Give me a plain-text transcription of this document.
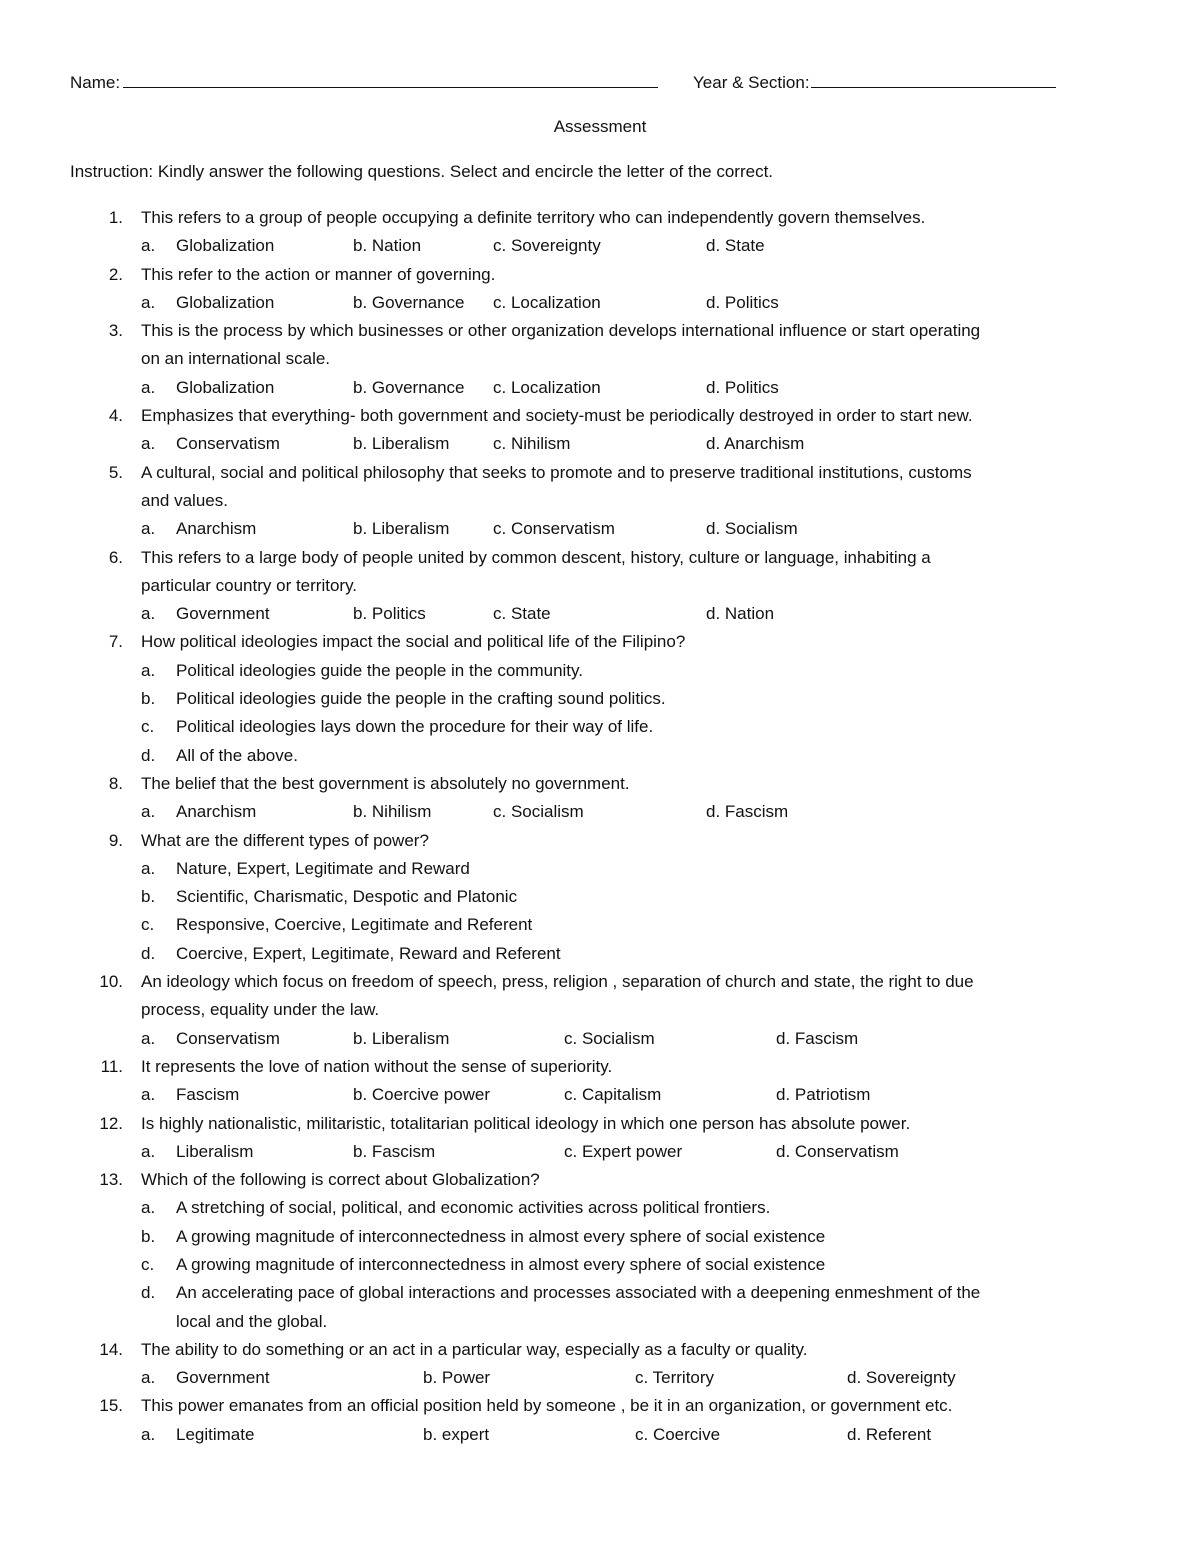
Name:	Year & Section:
Assessment
Instruction: Kindly answer the following questions. Select and encircle the letter of the correct.
1. This refers to a group of people occupying a definite territory who can independently govern themselves.
a. Globalization	b. Nation	c. Sovereignty	d. State
2. This refer to the action or manner of governing.
a. Globalization	b. Governance c. Localization	d. Politics
3. This is the process by which businesses or other organization develops international influence or start operating
on an international scale.
a. Globalization	b. Governance c. Localization	d. Politics
4. Emphasizes that everything- both government and society-must be periodically destroyed in order to start new.
a. Conservatism	b. Liberalism	c. Nihilism	d. Anarchism
5. A cultural, social and political philosophy that seeks to promote and to preserve traditional institutions, customs
and values.
a. Anarchism	b. Liberalism	c. Conservatism	d. Socialism
6. This refers to a large body of people united by common descent, history, culture or language, inhabiting a
particular country or territory.
a. Government	b. Politics	c. State	d. Nation
7. How political ideologies impact the social and political life of the Filipino?
a. Political ideologies guide the people in the community.
b. Political ideologies guide the people in the crafting sound politics.
c. Political ideologies lays down the procedure for their way of life.
d. All of the above.
8. The belief that the best government is absolutely no government.
a. Anarchism	b. Nihilism	c. Socialism	d. Fascism
9. What are the different types of power?
a. Nature, Expert, Legitimate and Reward
b. Scientific, Charismatic, Despotic and Platonic
c. Responsive, Coercive, Legitimate and Referent
d. Coercive, Expert, Legitimate, Reward and Referent
10. An ideology which focus on freedom of speech, press, religion , separation of church and state, the right to due
process, equality under the law.
a. Conservatism	b. Liberalism	c. Socialism	d. Fascism
11. It represents the love of nation without the sense of superiority.
a. Fascism	b. Coercive power	c. Capitalism	d. Patriotism
12. Is highly nationalistic, militaristic, totalitarian political ideology in which one person has absolute power.
a. Liberalism	b. Fascism	c. Expert power	d. Conservatism
13. Which of the following is correct about Globalization?
a. A stretching of social, political, and economic activities across political frontiers.
b. A growing magnitude of interconnectedness in almost every sphere of social existence
c. A growing magnitude of interconnectedness in almost every sphere of social existence
d. An accelerating pace of global interactions and processes associated with a deepening enmeshment of the
local and the global.
14. The ability to do something or an act in a particular way, especially as a faculty or quality.
a. Government	b. Power	c. Territory	d. Sovereignty
15. This power emanates from an official position held by someone , be it in an organization, or government etc.
a. Legitimate	b. expert	c. Coercive	d. Referent
